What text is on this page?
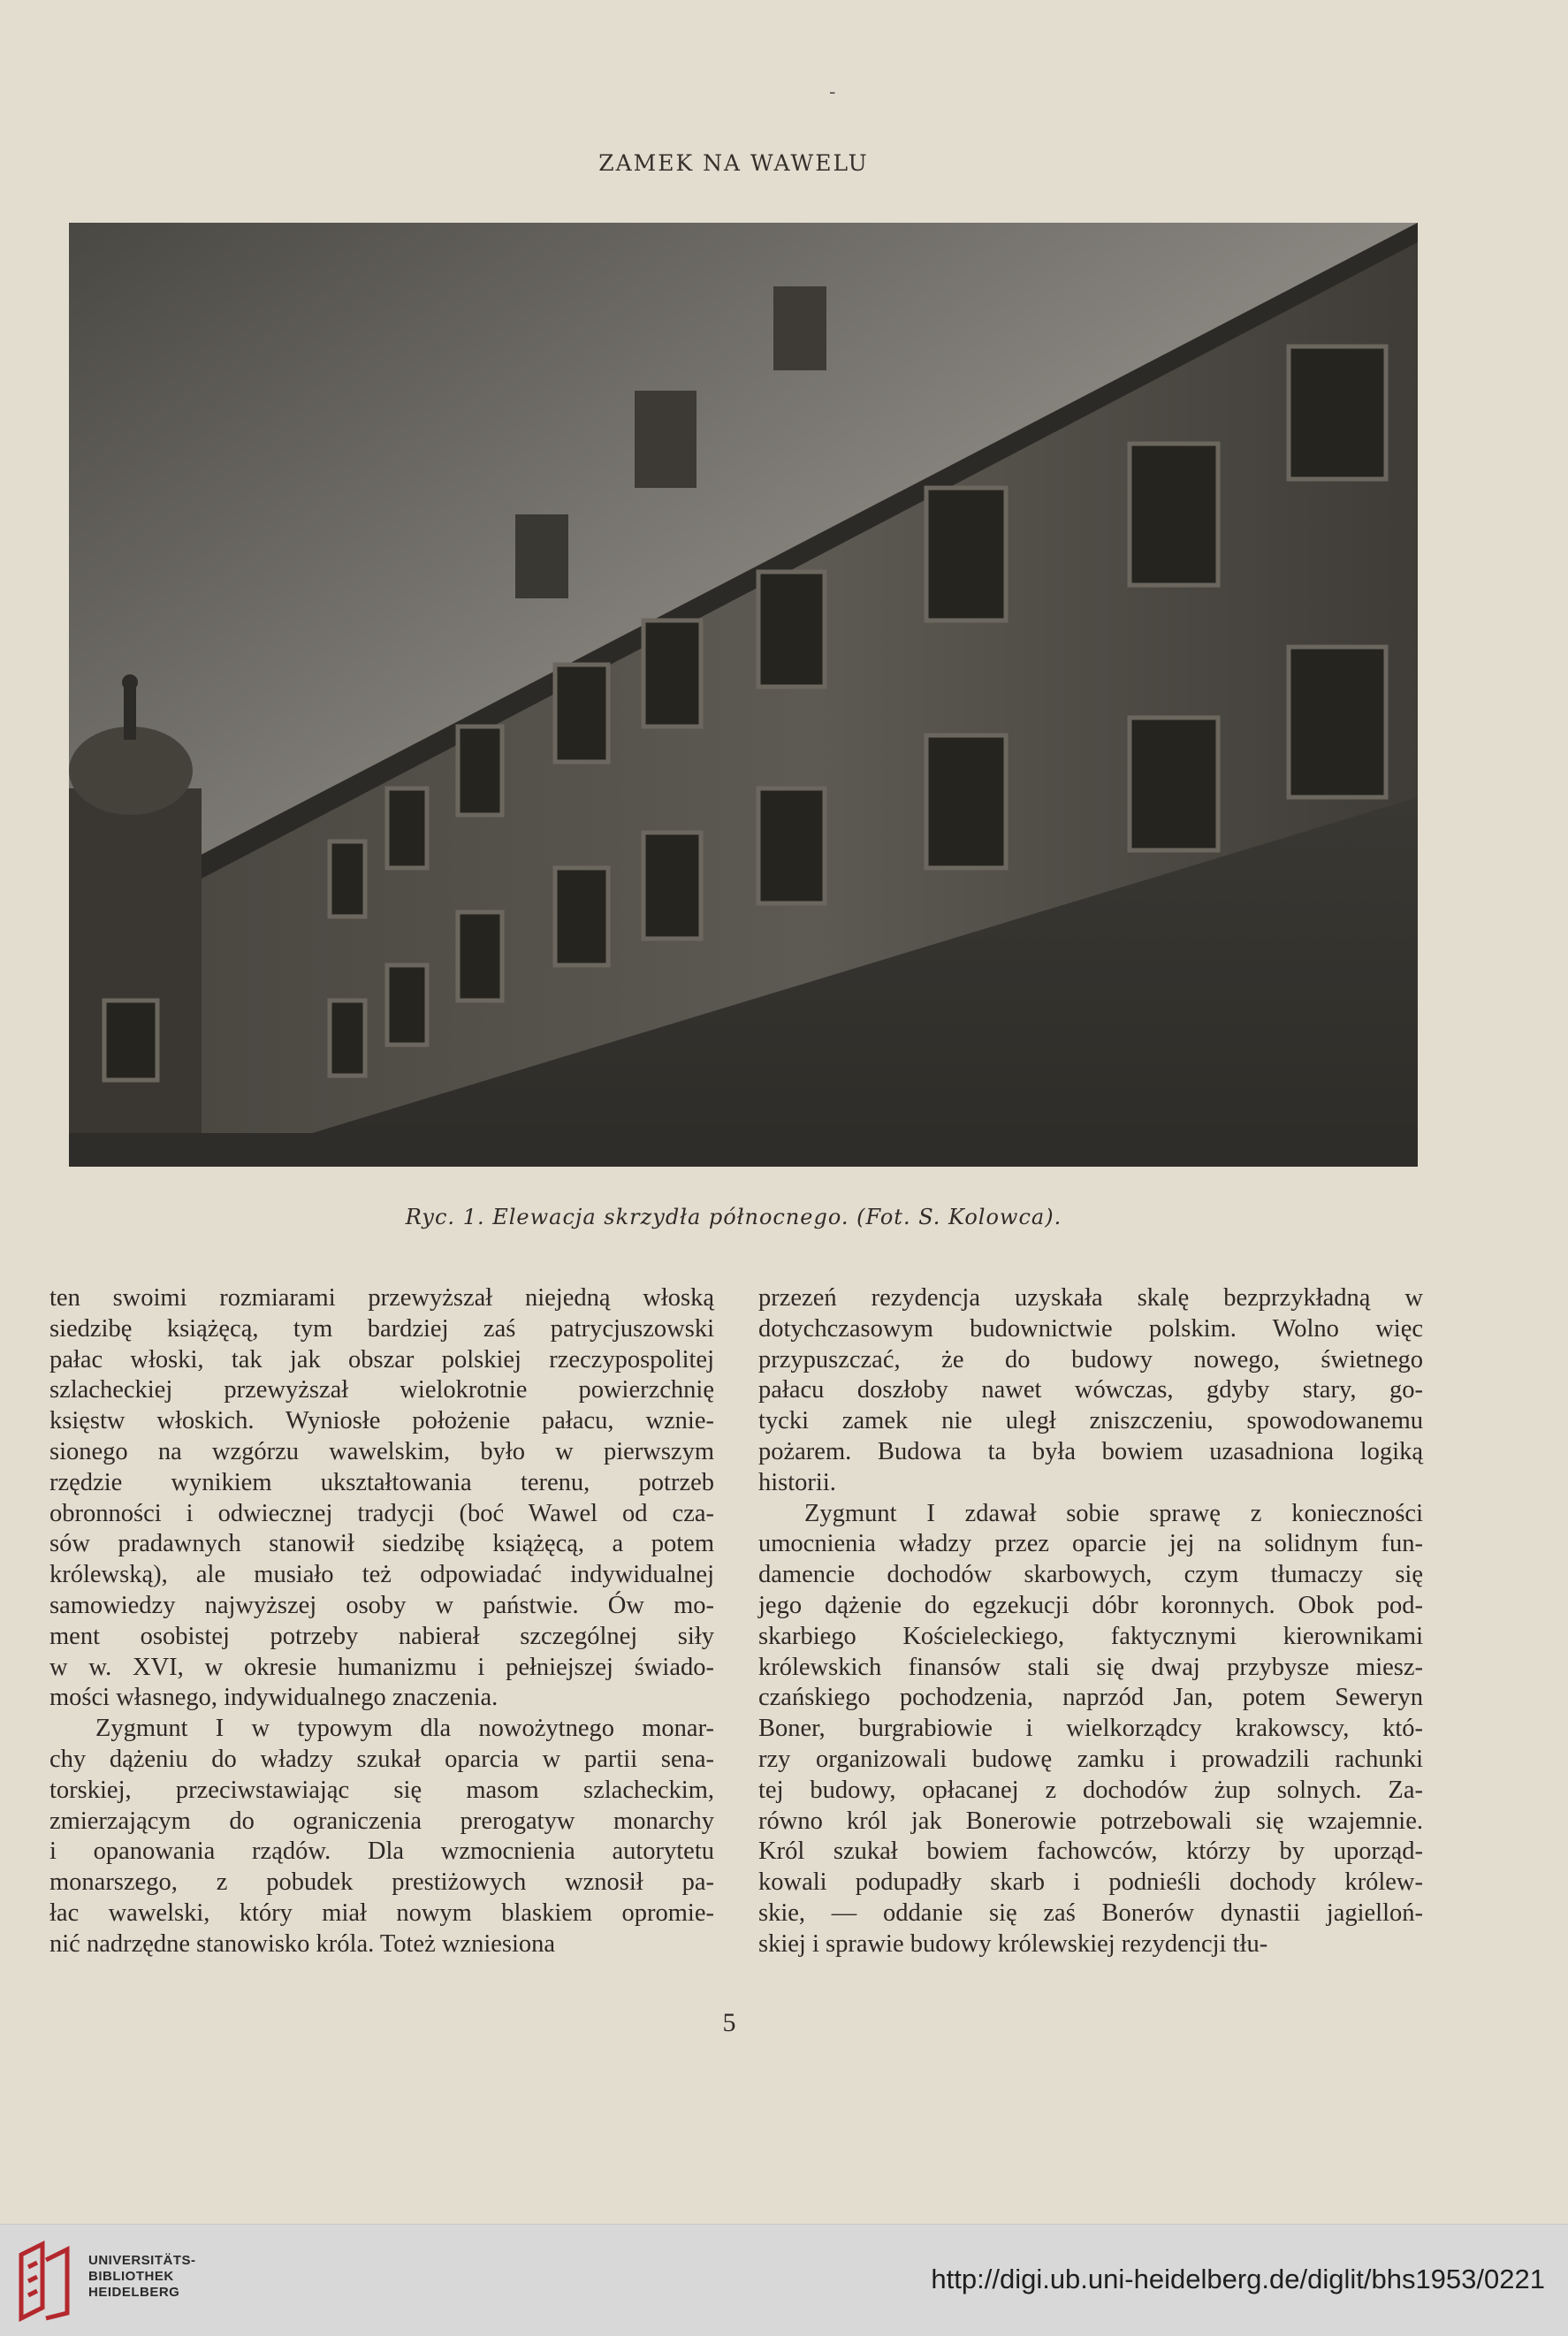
-
ZAMEK NA WAWELU
Ryc. 1. Elewacja skrzydła północnego. (Fot. S. Kolowca).
ten swoimi rozmiarami przewyższał niejedną włoską
siedzibę książęcą, tym bardziej zaś patrycjuszowski
pałac włoski, tak jak obszar polskiej rzeczypospolitej
szlacheckiej przewyższał wielokrotnie powierzchnię
księstw włoskich. Wyniosłe położenie pałacu, wznie-
sionego na wzgórzu wawelskim, było w pierwszym
rzędzie wynikiem ukształtowania terenu, potrzeb
obronności i odwiecznej tradycji (boć Wawel od cza-
sów pradawnych stanowił siedzibę książęcą, a potem
królewską), ale musiało też odpowiadać indywidualnej
samowiedzy najwyższej osoby w państwie. Ów mo-
ment osobistej potrzeby nabierał szczególnej siły
w w. XVI, w okresie humanizmu i pełniejszej świado-
mości własnego, indywidualnego znaczenia.
Zygmunt I w typowym dla nowożytnego monar-
chy dążeniu do władzy szukał oparcia w partii sena-
torskiej, przeciwstawiając się masom szlacheckim,
zmierzającym do ograniczenia prerogatyw monarchy
i opanowania rządów. Dla wzmocnienia autorytetu
monarszego, z pobudek prestiżowych wznosił pa-
łac wawelski, który miał nowym blaskiem opromie-
nić nadrzędne stanowisko króla. Toteż wzniesiona
przezeń rezydencja uzyskała skalę bezprzykładną w
dotychczasowym budownictwie polskim. Wolno więc
przypuszczać, że do budowy nowego, świetnego
pałacu doszłoby nawet wówczas, gdyby stary, go-
tycki zamek nie uległ zniszczeniu, spowodowanemu
pożarem. Budowa ta była bowiem uzasadniona logiką
historii.
Zygmunt I zdawał sobie sprawę z konieczności
umocnienia władzy przez oparcie jej na solidnym fun-
damencie dochodów skarbowych, czym tłumaczy się
jego dążenie do egzekucji dóbr koronnych. Obok pod-
skarbiego Kościeleckiego, faktycznymi kierownikami
królewskich finansów stali się dwaj przybysze miesz-
czańskiego pochodzenia, naprzód Jan, potem Seweryn
Boner, burgrabiowie i wielkorządcy krakowscy, któ-
rzy organizowali budowę zamku i prowadzili rachunki
tej budowy, opłacanej z dochodów żup solnych. Za-
równo król jak Bonerowie potrzebowali się wzajemnie.
Król szukał bowiem fachowców, którzy by uporząd-
kowali podupadły skarb i podnieśli dochody królew-
skie, — oddanie się zaś Bonerów dynastii jagielloń-
skiej i sprawie budowy królewskiej rezydencji tłu-
5
UNIVERSITÄTS-
BIBLIOTHEK
HEIDELBERG	http://digi.ub.uni-heidelberg.de/diglit/bhs1953/0221
